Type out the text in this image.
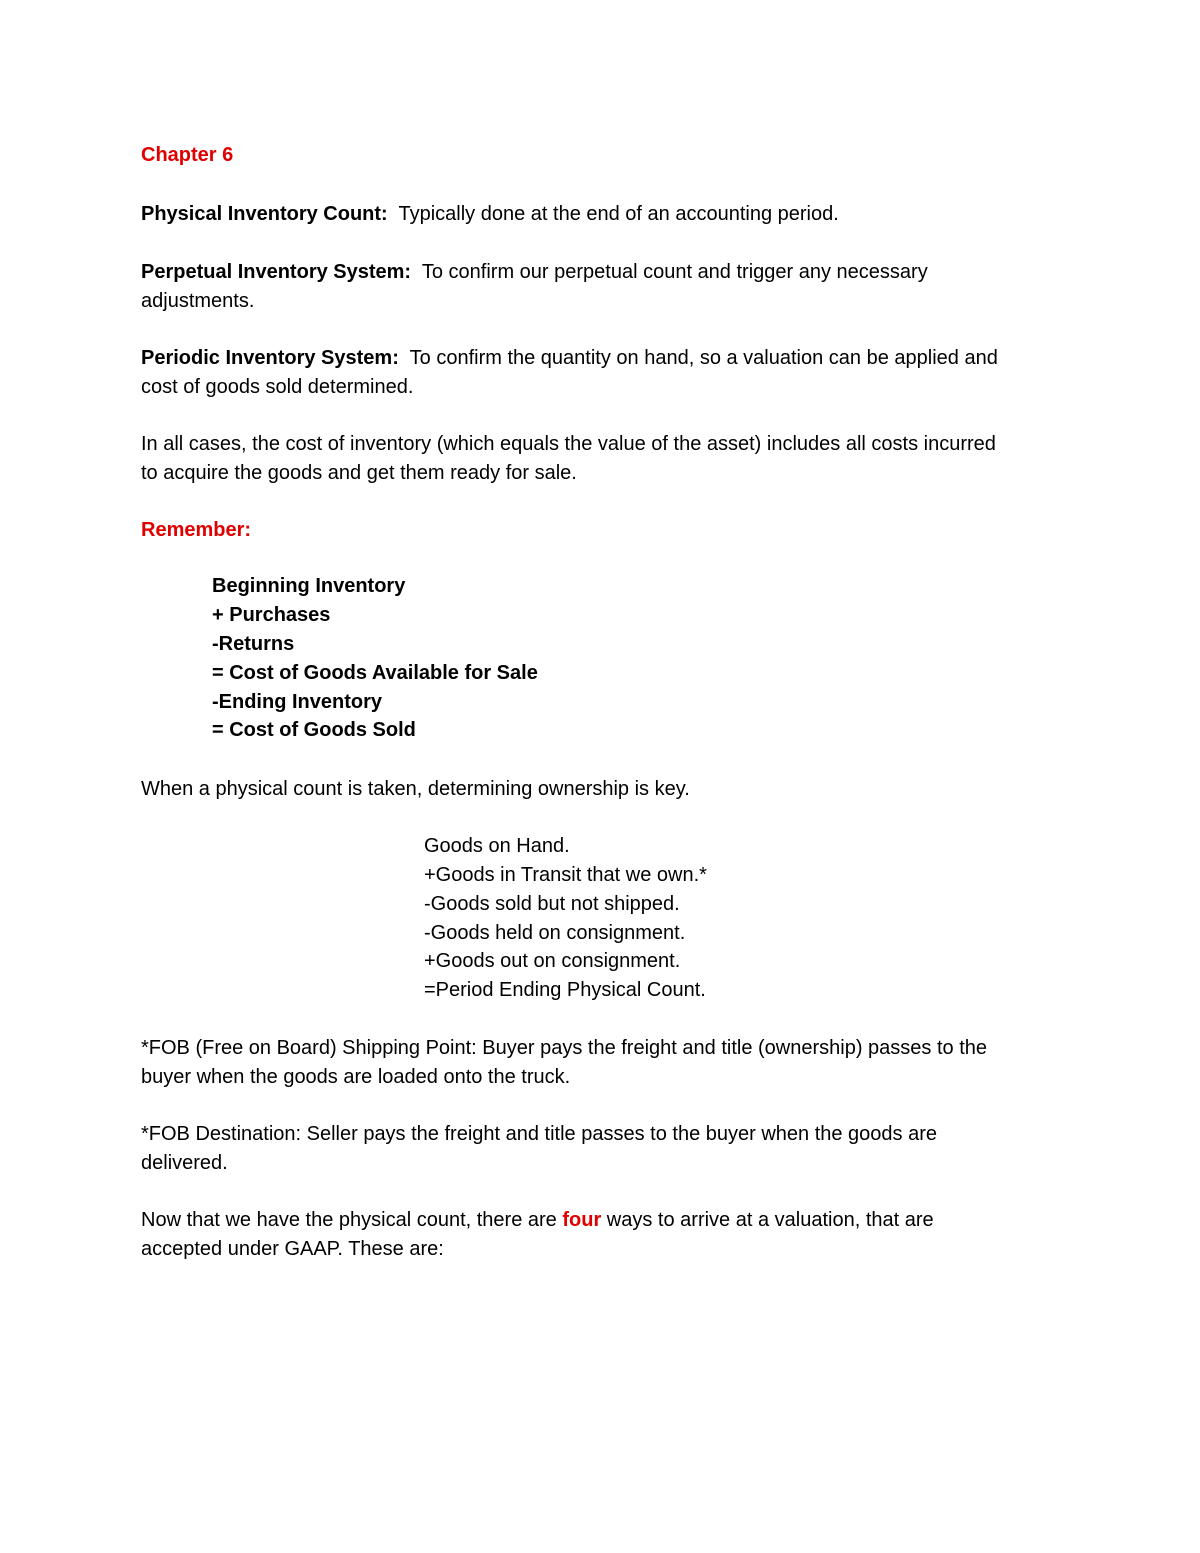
Chapter 6
Physical Inventory Count: Typically done at the end of an accounting period.
Perpetual Inventory System: To confirm our perpetual count and trigger any necessary
adjustments.
Periodic Inventory System: To confirm the quantity on hand, so a valuation can be applied and
cost of goods sold determined.
In all cases, the cost of inventory (which equals the value of the asset) includes all costs incurred
to acquire the goods and get them ready for sale.
Remember:
Beginning Inventory
+ Purchases
-Returns
= Cost of Goods Available for Sale
-Ending Inventory
= Cost of Goods Sold
When a physical count is taken, determining ownership is key.
Goods on Hand.
+Goods in Transit that we own.*
-Goods sold but not shipped.
-Goods held on consignment.
+Goods out on consignment.
=Period Ending Physical Count.
*FOB (Free on Board) Shipping Point: Buyer pays the freight and title (ownership) passes to the
buyer when the goods are loaded onto the truck.
*FOB Destination: Seller pays the freight and title passes to the buyer when the goods are
delivered.
Now that we have the physical count, there are four ways to arrive at a valuation, that are
accepted under GAAP. These are:
